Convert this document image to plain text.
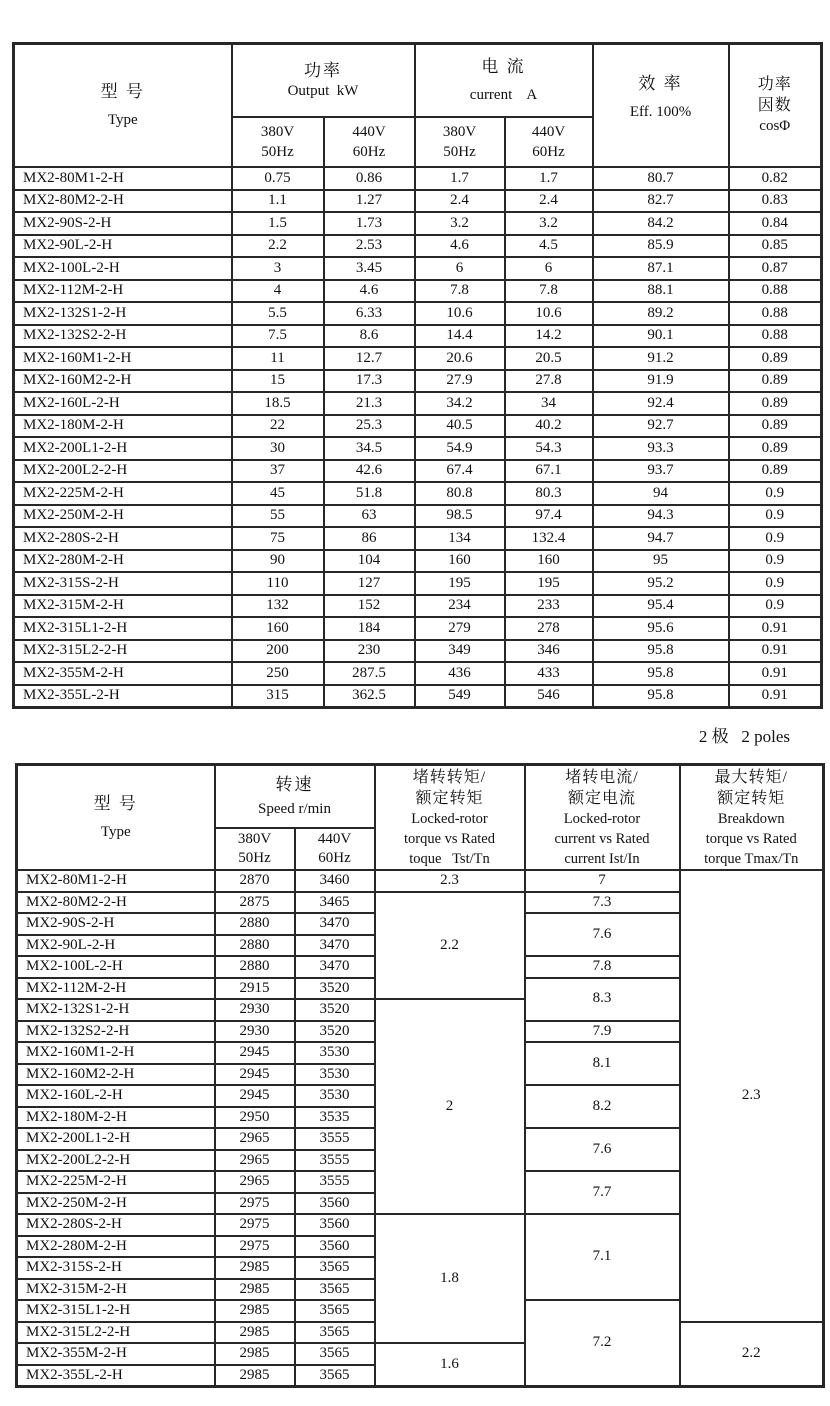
型 号
Type

功率
Output  kW

电 流
current    A

效 率
Eff. 100%

功率
因数
cosΦ

380V
50Hz

440V
60Hz

380V
50Hz

440V
60Hz

MX2-80M1-2-H	0.75	0.86	1.7	1.7	80.7	0.82
MX2-80M2-2-H	1.1	1.27	2.4	2.4	82.7	0.83
MX2-90S-2-H	1.5	1.73	3.2	3.2	84.2	0.84
MX2-90L-2-H	2.2	2.53	4.6	4.5	85.9	0.85
MX2-100L-2-H	3	3.45	6	6	87.1	0.87
MX2-112M-2-H	4	4.6	7.8	7.8	88.1	0.88
MX2-132S1-2-H	5.5	6.33	10.6	10.6	89.2	0.88
MX2-132S2-2-H	7.5	8.6	14.4	14.2	90.1	0.88
MX2-160M1-2-H	11	12.7	20.6	20.5	91.2	0.89
MX2-160M2-2-H	15	17.3	27.9	27.8	91.9	0.89
MX2-160L-2-H	18.5	21.3	34.2	34	92.4	0.89
MX2-180M-2-H	22	25.3	40.5	40.2	92.7	0.89
MX2-200L1-2-H	30	34.5	54.9	54.3	93.3	0.89
MX2-200L2-2-H	37	42.6	67.4	67.1	93.7	0.89
MX2-225M-2-H	45	51.8	80.8	80.3	94	0.9
MX2-250M-2-H	55	63	98.5	97.4	94.3	0.9
MX2-280S-2-H	75	86	134	132.4	94.7	0.9
MX2-280M-2-H	90	104	160	160	95	0.9
MX2-315S-2-H	110	127	195	195	95.2	0.9
MX2-315M-2-H	132	152	234	233	95.4	0.9
MX2-315L1-2-H	160	184	279	278	95.6	0.91
MX2-315L2-2-H	200	230	349	346	95.8	0.91
MX2-355M-2-H	250	287.5	436	433	95.8	0.91
MX2-355L-2-H	315	362.5	549	546	95.8	0.91
2 极   2 poles
型 号
Type

转速
Speed r/min

堵转转矩/
额定转矩
Locked-rotor
torque vs Rated
toque   Tst/Tn

堵转电流/
额定电流
Locked-rotor
current vs Rated
current Ist/In

最大转矩/
额定转矩
Breakdown
torque vs Rated
torque Tmax/Tn

380V
50Hz

440V
60Hz

MX2-80M1-2-H	2870	3460	2.3	7	2.3
MX2-80M2-2-H	2875	3465	2.2	7.3	
MX2-90S-2-H	2880	3470		7.6	
MX2-90L-2-H	2880	3470			
MX2-100L-2-H	2880	3470		7.8	
MX2-112M-2-H	2915	3520		8.3	
MX2-132S1-2-H	2930	3520	2		
MX2-132S2-2-H	2930	3520		7.9	
MX2-160M1-2-H	2945	3530		8.1	
MX2-160M2-2-H	2945	3530			
MX2-160L-2-H	2945	3530		8.2	
MX2-180M-2-H	2950	3535			
MX2-200L1-2-H	2965	3555		7.6	
MX2-200L2-2-H	2965	3555			
MX2-225M-2-H	2965	3555		7.7	
MX2-250M-2-H	2975	3560			
MX2-280S-2-H	2975	3560	1.8	7.1	
MX2-280M-2-H	2975	3560			
MX2-315S-2-H	2985	3565			
MX2-315M-2-H	2985	3565			
MX2-315L1-2-H	2985	3565		7.2	
MX2-315L2-2-H	2985	3565			2.2
MX2-355M-2-H	2985	3565	1.6		
MX2-355L-2-H	2985	3565			
